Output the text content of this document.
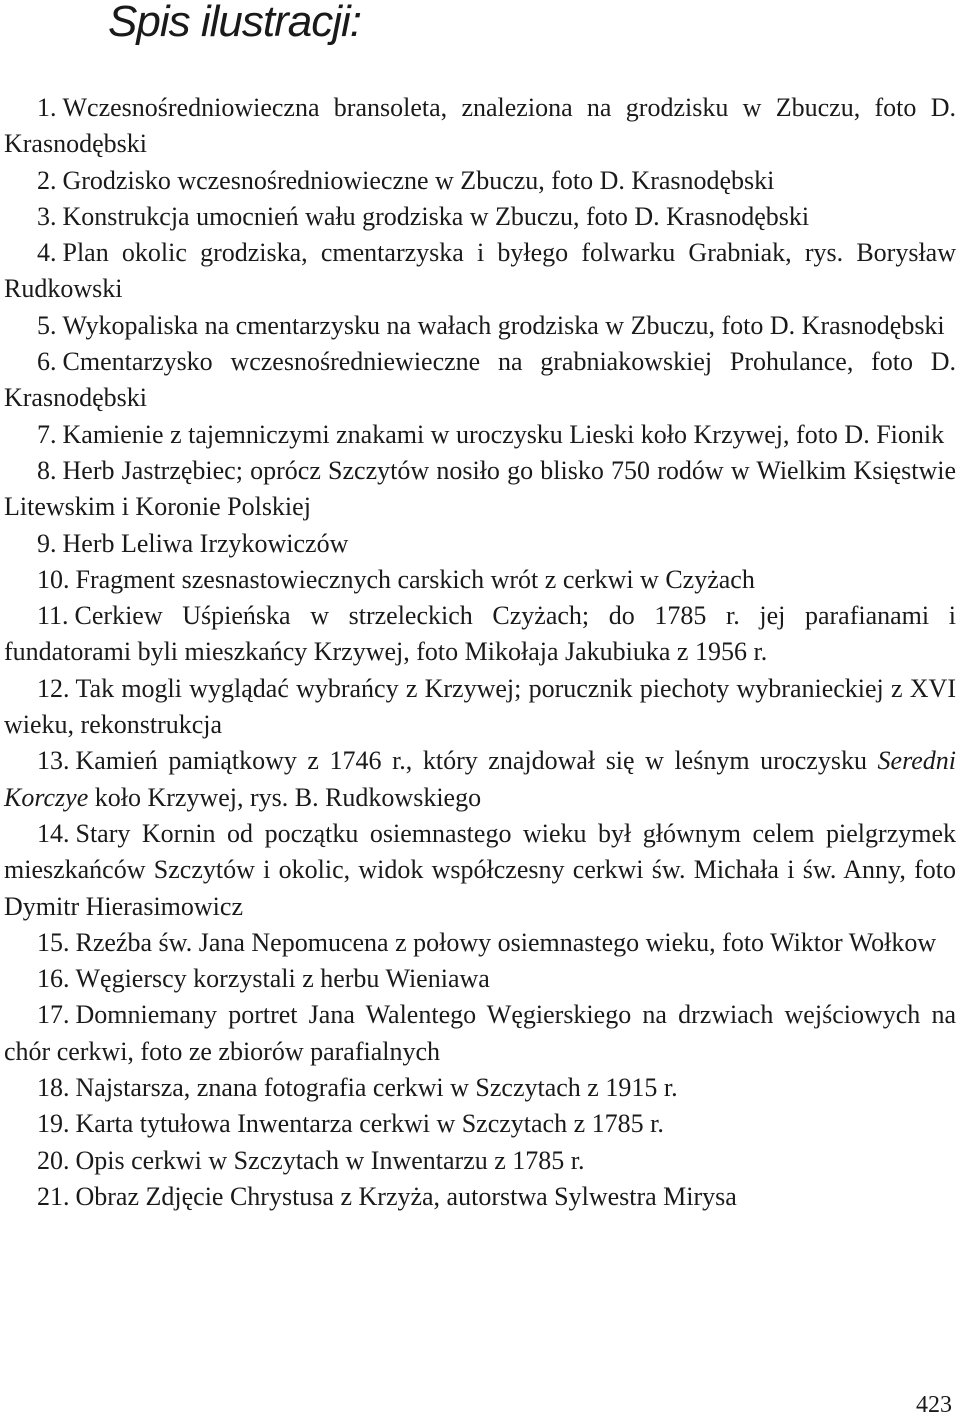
Spis ilustracji:
1. Wczesnośredniowieczna bransoleta, znaleziona na grodzisku w Zbuczu, foto D. Krasnodębski
2. Grodzisko wczesnośredniowieczne w Zbuczu, foto D. Krasnodębski
3. Konstrukcja umocnień wału grodziska w Zbuczu, foto D. Krasnodębski
4. Plan okolic grodziska, cmentarzyska i byłego folwarku Grabniak, rys. Borysław Rudkowski
5. Wykopaliska na cmentarzysku na wałach grodziska w Zbuczu, foto D. Krasnodębski
6. Cmentarzysko wczesnośredniewieczne na grabniakowskiej Prohulance, foto D. Krasnodębski
7. Kamienie z tajemniczymi znakami w uroczysku Lieski koło Krzywej, foto D. Fionik
8. Herb Jastrzębiec; oprócz Szczytów nosiło go blisko 750 rodów w Wielkim Księstwie Litewskim i Koronie Polskiej
9. Herb Leliwa Irzykowiczów
10. Fragment szesnastowiecznych carskich wrót z cerkwi w Czyżach
11. Cerkiew Uśpieńska w strzeleckich Czyżach; do 1785 r. jej parafianami i fundatorami byli mieszkańcy Krzywej, foto Mikołaja Jakubiuka z 1956 r.
12. Tak mogli wyglądać wybrańcy z Krzywej; porucznik piechoty wybranieckiej z XVI wieku, rekonstrukcja
13. Kamień pamiątkowy z 1746 r., który znajdował się w leśnym uroczysku Seredni Korczye koło Krzywej, rys. B. Rudkowskiego
14. Stary Kornin od początku osiemnastego wieku był głównym celem pielgrzymek mieszkańców Szczytów i okolic, widok współczesny cerkwi św. Michała i św. Anny, foto Dymitr Hierasimowicz
15. Rzeźba św. Jana Nepomucena z połowy osiemnastego wieku, foto Wiktor Wołkow
16. Węgierscy korzystali z herbu Wieniawa
17. Domniemany portret Jana Walentego Węgierskiego na drzwiach wejściowych na chór cerkwi, foto ze zbiorów parafialnych
18. Najstarsza, znana fotografia cerkwi w Szczytach z 1915 r.
19. Karta tytułowa Inwentarza cerkwi w Szczytach z 1785 r.
20. Opis cerkwi w Szczytach w Inwentarzu z 1785 r.
21. Obraz Zdjęcie Chrystusa z Krzyża, autorstwa Sylwestra Mirysa
423
